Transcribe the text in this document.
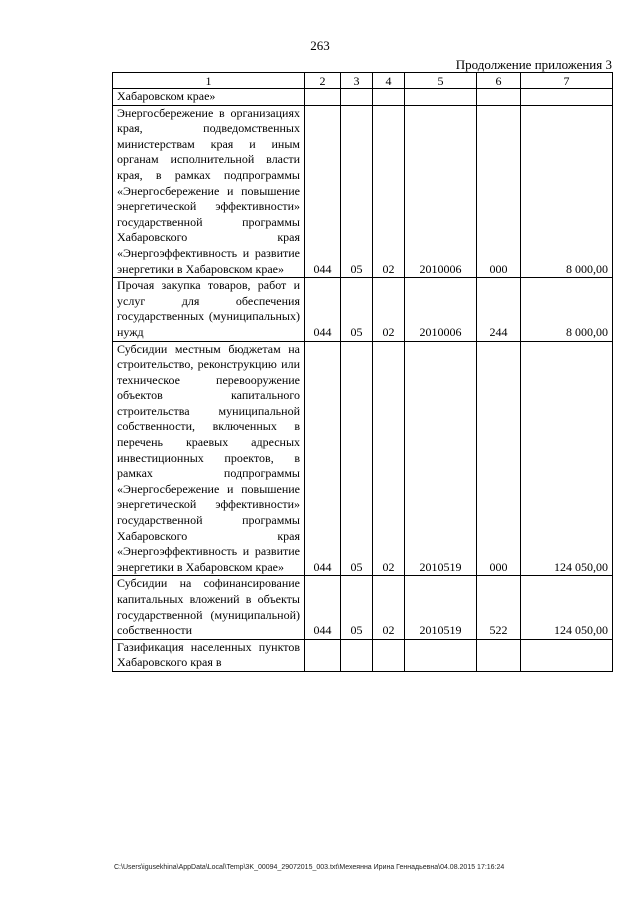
263
Продолжение приложения 3
1	2	3	4	5	6	7
Хабаровском крае»						
Энергосбережение в организациях края, подведомственных министерствам края и иным органам исполнительной власти края, в рамках подпрограммы «Энергосбережение и повышение энергетической эффективности» государственной программы Хабаровского края «Энергоэффективность и развитие энергетики в Хабаровском крае»	044	05	02	2010006	000	8 000,00
Прочая закупка товаров, работ и услуг для обеспечения государственных (муниципальных) нужд	044	05	02	2010006	244	8 000,00
Субсидии местным бюджетам на строительство, реконструкцию или техническое перевооружение объектов капитального строительства муниципальной собственности, включенных в перечень краевых адресных инвестиционных проектов, в рамках подпрограммы «Энергосбережение и повышение энергетической эффективности» государственной программы Хабаровского края «Энергоэффективность и развитие энергетики в Хабаровском крае»	044	05	02	2010519	000	124 050,00
Субсидии на софинансирование капитальных вложений в объекты государственной (муниципальной) собственности	044	05	02	2010519	522	124 050,00
Газификация населенных пунктов Хабаровского края в						
C:\Users\igusekhina\AppData\Local\Temp\3K_00094_29072015_003.txt\Мехеянна Ирина Геннадьевна\04.08.2015 17:16:24
